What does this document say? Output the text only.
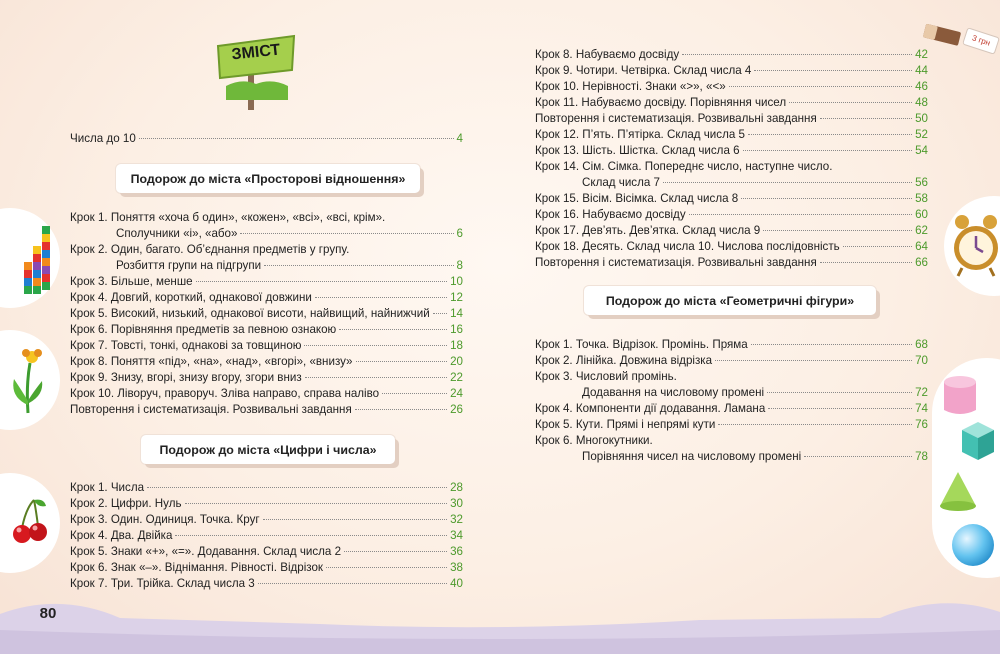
3 грн
ЗМІСТ
Числа до 10	4
Подорож до міста «Просторові відношення»
Крок 1. Поняття «хоча б один», «кожен», «всі», «всі, крім».
Сполучники «і», «або»	6
Крок 2. Один, багато. Об’єднання предметів у групу.
Розбиття групи на підгрупи	8
Крок 3. Більше, менше	10
Крок 4. Довгий, короткий, однакової довжини	12
Крок 5. Високий, низький, однакової висоти, найвищий, найнижчий 14
Крок 6. Порівняння предметів за певною ознакою	16
Крок 7. Товсті, тонкі, однакові за товщиною	18
Крок 8. Поняття «під», «на», «над», «вгорі», «внизу»	20
Крок 9. Знизу, вгорі, знизу вгору, згори вниз	22
Крок 10. Ліворуч, праворуч. Зліва направо, справа наліво	24
Повторення і систематизація. Розвивальні завдання	26
Подорож до міста «Цифри і числа»
Крок 1. Числа	28
Крок 2. Цифри. Нуль	30
Крок 3. Один. Одиниця. Точка. Круг	32
Крок 4. Два. Двійка	34
Крок 5. Знаки «+», «=». Додавання. Склад числа 2	36
Крок 6. Знак «–». Віднімання. Рівності. Відрізок	38
Крок 7. Три. Трійка. Склад числа 3	40
Крок 8. Набуваємо досвіду	42
Крок 9. Чотири. Четвірка. Склад числа 4	44
Крок 10. Нерівності. Знаки «>», «<»	46
Крок 11. Набуваємо досвіду. Порівняння чисел	48
Повторення і систематизація. Розвивальні завдання	50
Крок 12. П’ять. П’ятірка. Склад числа 5	52
Крок 13. Шість. Шістка. Склад числа 6	54
Крок 14. Сім. Сімка. Попереднє число, наступне число.
Склад числа 7	56
Крок 15. Вісім. Вісімка. Склад числа 8	58
Крок 16. Набуваємо досвіду	60
Крок 17. Дев’ять. Дев’ятка. Склад числа 9	62
Крок 18. Десять. Склад числа 10. Числова послідовність	64
Повторення і систематизація. Розвивальні завдання	66
Подорож до міста «Геометричні фігури»
Крок 1. Точка. Відрізок. Промінь. Пряма	68
Крок 2. Лінійка. Довжина відрізка	70
Крок 3. Числовий промінь.
Додавання на числовому промені	72
Крок 4. Компоненти дії додавання. Ламана	74
Крок 5. Кути. Прямі і непрямі кути	76
Крок 6. Многокутники.
Порівняння чисел на числовому промені	78
80
